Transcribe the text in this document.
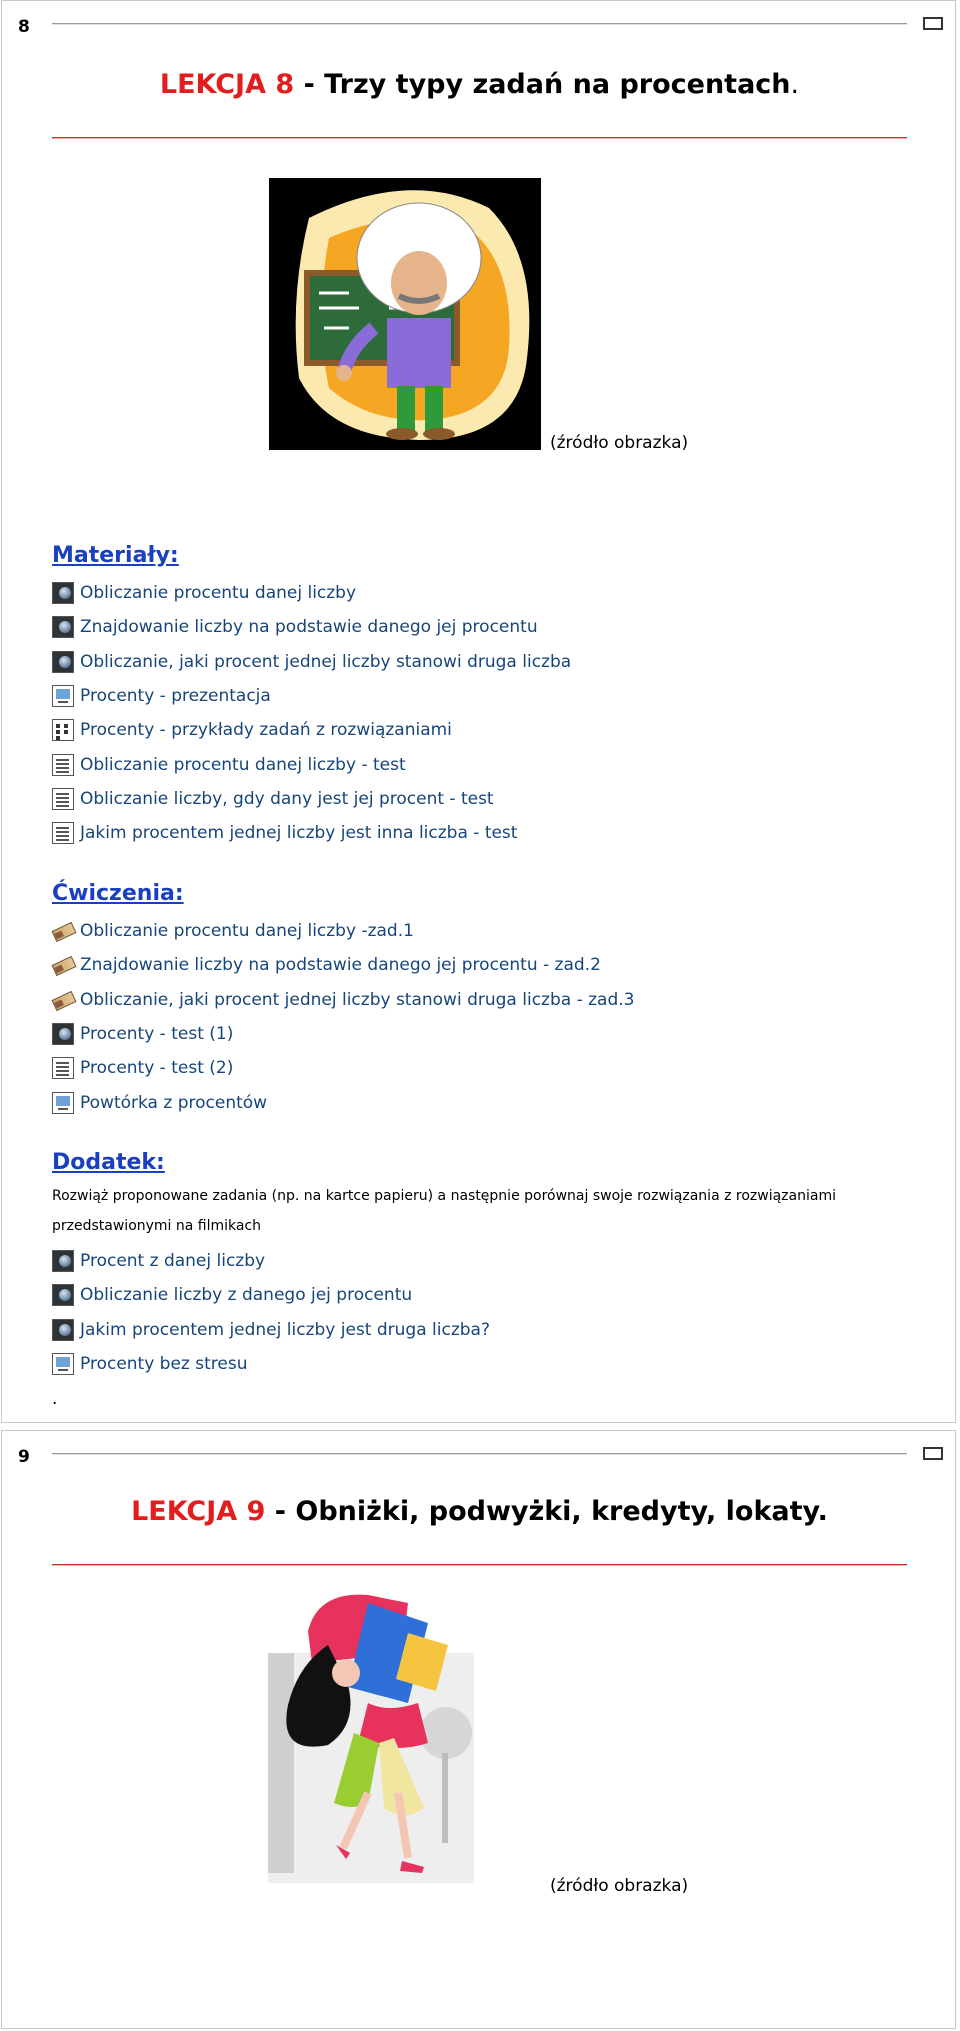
8
LEKCJA 8 - Trzy typy zadań na procentach.
(źródło obrazka)
Materiały:
Obliczanie procentu danej liczby
Znajdowanie liczby na podstawie danego jej procentu
Obliczanie, jaki procent jednej liczby stanowi druga liczba
Procenty - prezentacja
Procenty - przykłady zadań z rozwiązaniami
Obliczanie procentu danej liczby - test
Obliczanie liczby, gdy dany jest jej procent - test
Jakim procentem jednej liczby jest inna liczba - test
Ćwiczenia:
Obliczanie procentu danej liczby -zad.1
Znajdowanie liczby na podstawie danego jej procentu - zad.2
Obliczanie, jaki procent jednej liczby stanowi druga liczba - zad.3
Procenty - test (1)
Procenty - test (2)
Powtórka z procentów
Dodatek:
Rozwiąż proponowane zadania (np. na kartce papieru) a następnie porównaj swoje rozwiązania z rozwiązaniami przedstawionymi na filmikach
Procent z danej liczby
Obliczanie liczby z danego jej procentu
Jakim procentem jednej liczby jest druga liczba?
Procenty bez stresu
.
9
LEKCJA 9 - Obniżki, podwyżki, kredyty, lokaty.
(źródło obrazka)
